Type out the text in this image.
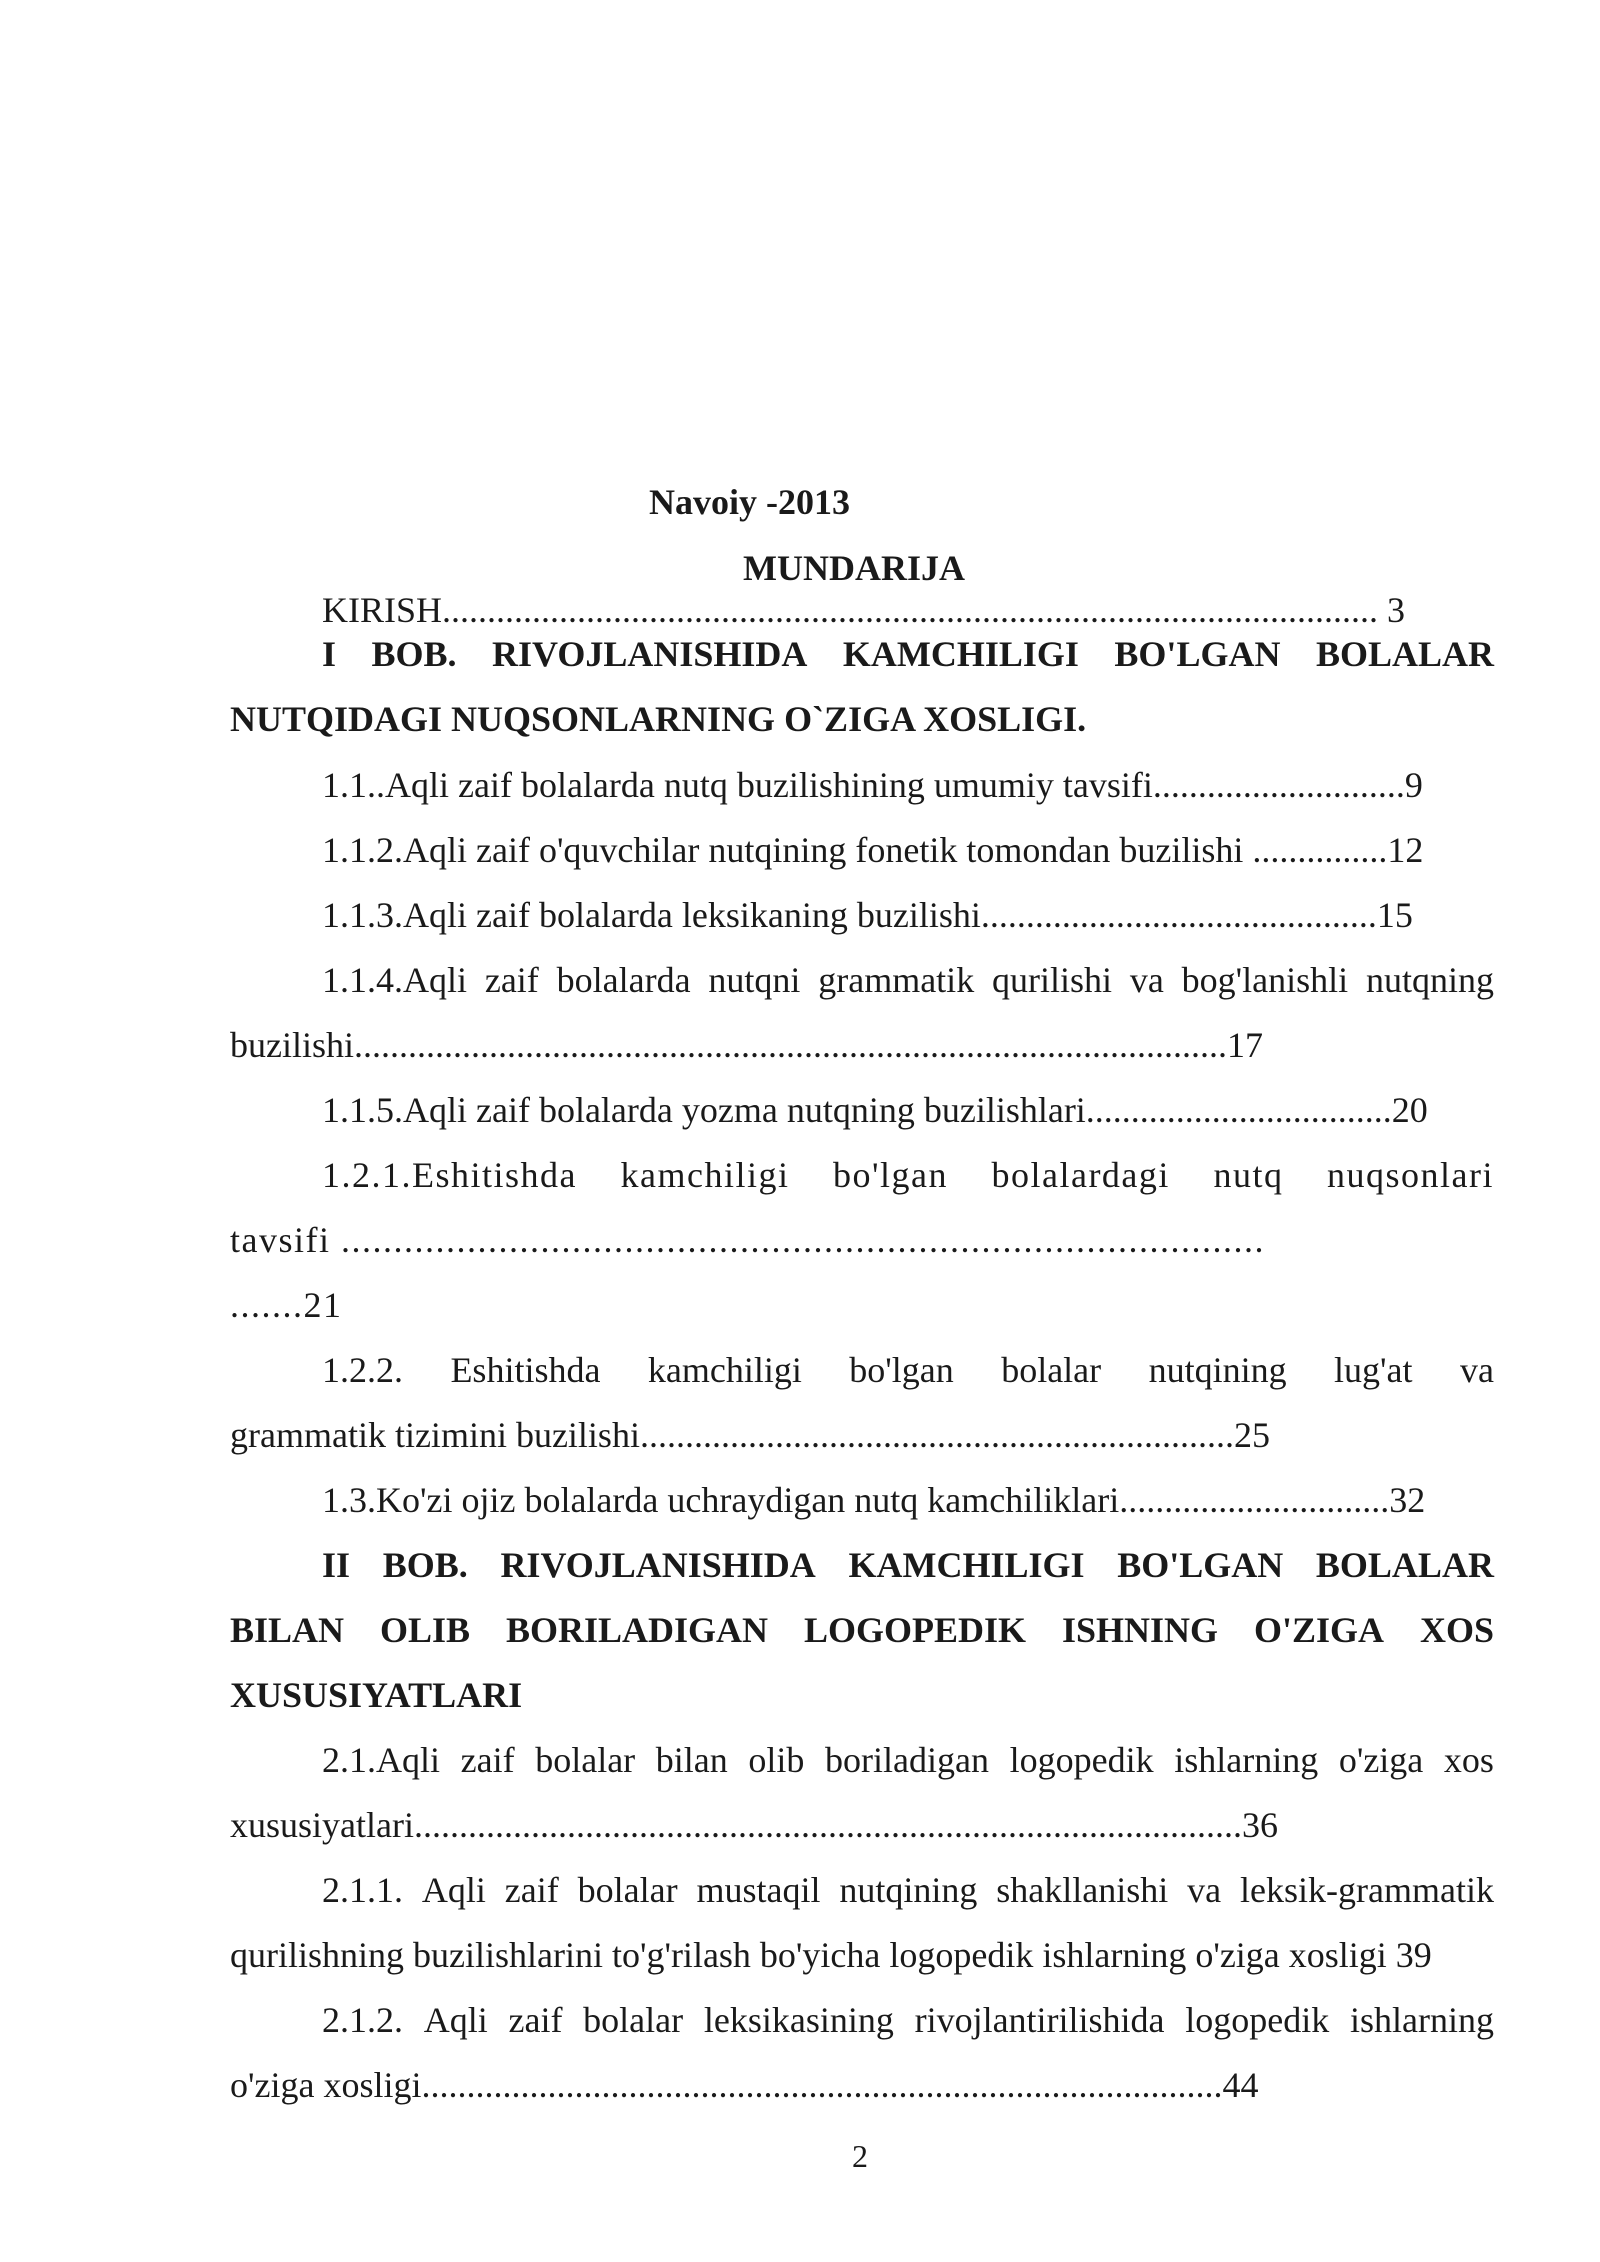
Navoiy -2013
MUNDARIJA
KIRISH........................................................................................................ 3
I BOB. RIVOJLANISHIDA KAMCHILIGI BO'LGAN BOLALAR
NUTQIDAGI NUQSONLARNING O`ZIGA XOSLIGI.
1.1..Aqli zaif bolalarda nutq buzilishining umumiy tavsifi............................9
1.1.2.Aqli zaif o'quvchilar nutqining fonetik tomondan buzilishi ...............12
1.1.3.Aqli zaif bolalarda leksikaning buzilishi............................................15
1.1.4.Aqli zaif bolalarda nutqni grammatik qurilishi va bog'lanishli nutqning
buzilishi.................................................................................................17
1.1.5.Aqli zaif bolalarda yozma nutqning buzilishlari..................................20
1.2.1.Eshitishda kamchiligi bo'lgan bolalardagi nutq nuqsonlari
tavsifi ........................................................................................
.......21
1.2.2. Eshitishda kamchiligi bo'lgan bolalar nutqining lug'at va
grammatik tizimini buzilishi..................................................................25
1.3.Ko'zi ojiz bolalarda uchraydigan nutq kamchiliklari..............................32
II BOB. RIVOJLANISHIDA KAMCHILIGI BO'LGAN BOLALAR
BILAN OLIB BORILADIGAN LOGOPEDIK ISHNING O'ZIGA XOS
XUSUSIYATLARI
2.1.Aqli zaif bolalar bilan olib boriladigan logopedik ishlarning o'ziga xos
xususiyatlari............................................................................................36
2.1.1. Aqli zaif bolalar mustaqil nutqining shakllanishi va leksik-grammatik
qurilishning buzilishlarini to'g'rilash bo'yicha logopedik ishlarning o'ziga xosligi 39
2.1.2. Aqli zaif bolalar leksikasining rivojlantirilishida logopedik ishlarning
o'ziga xosligi.........................................................................................44
2
